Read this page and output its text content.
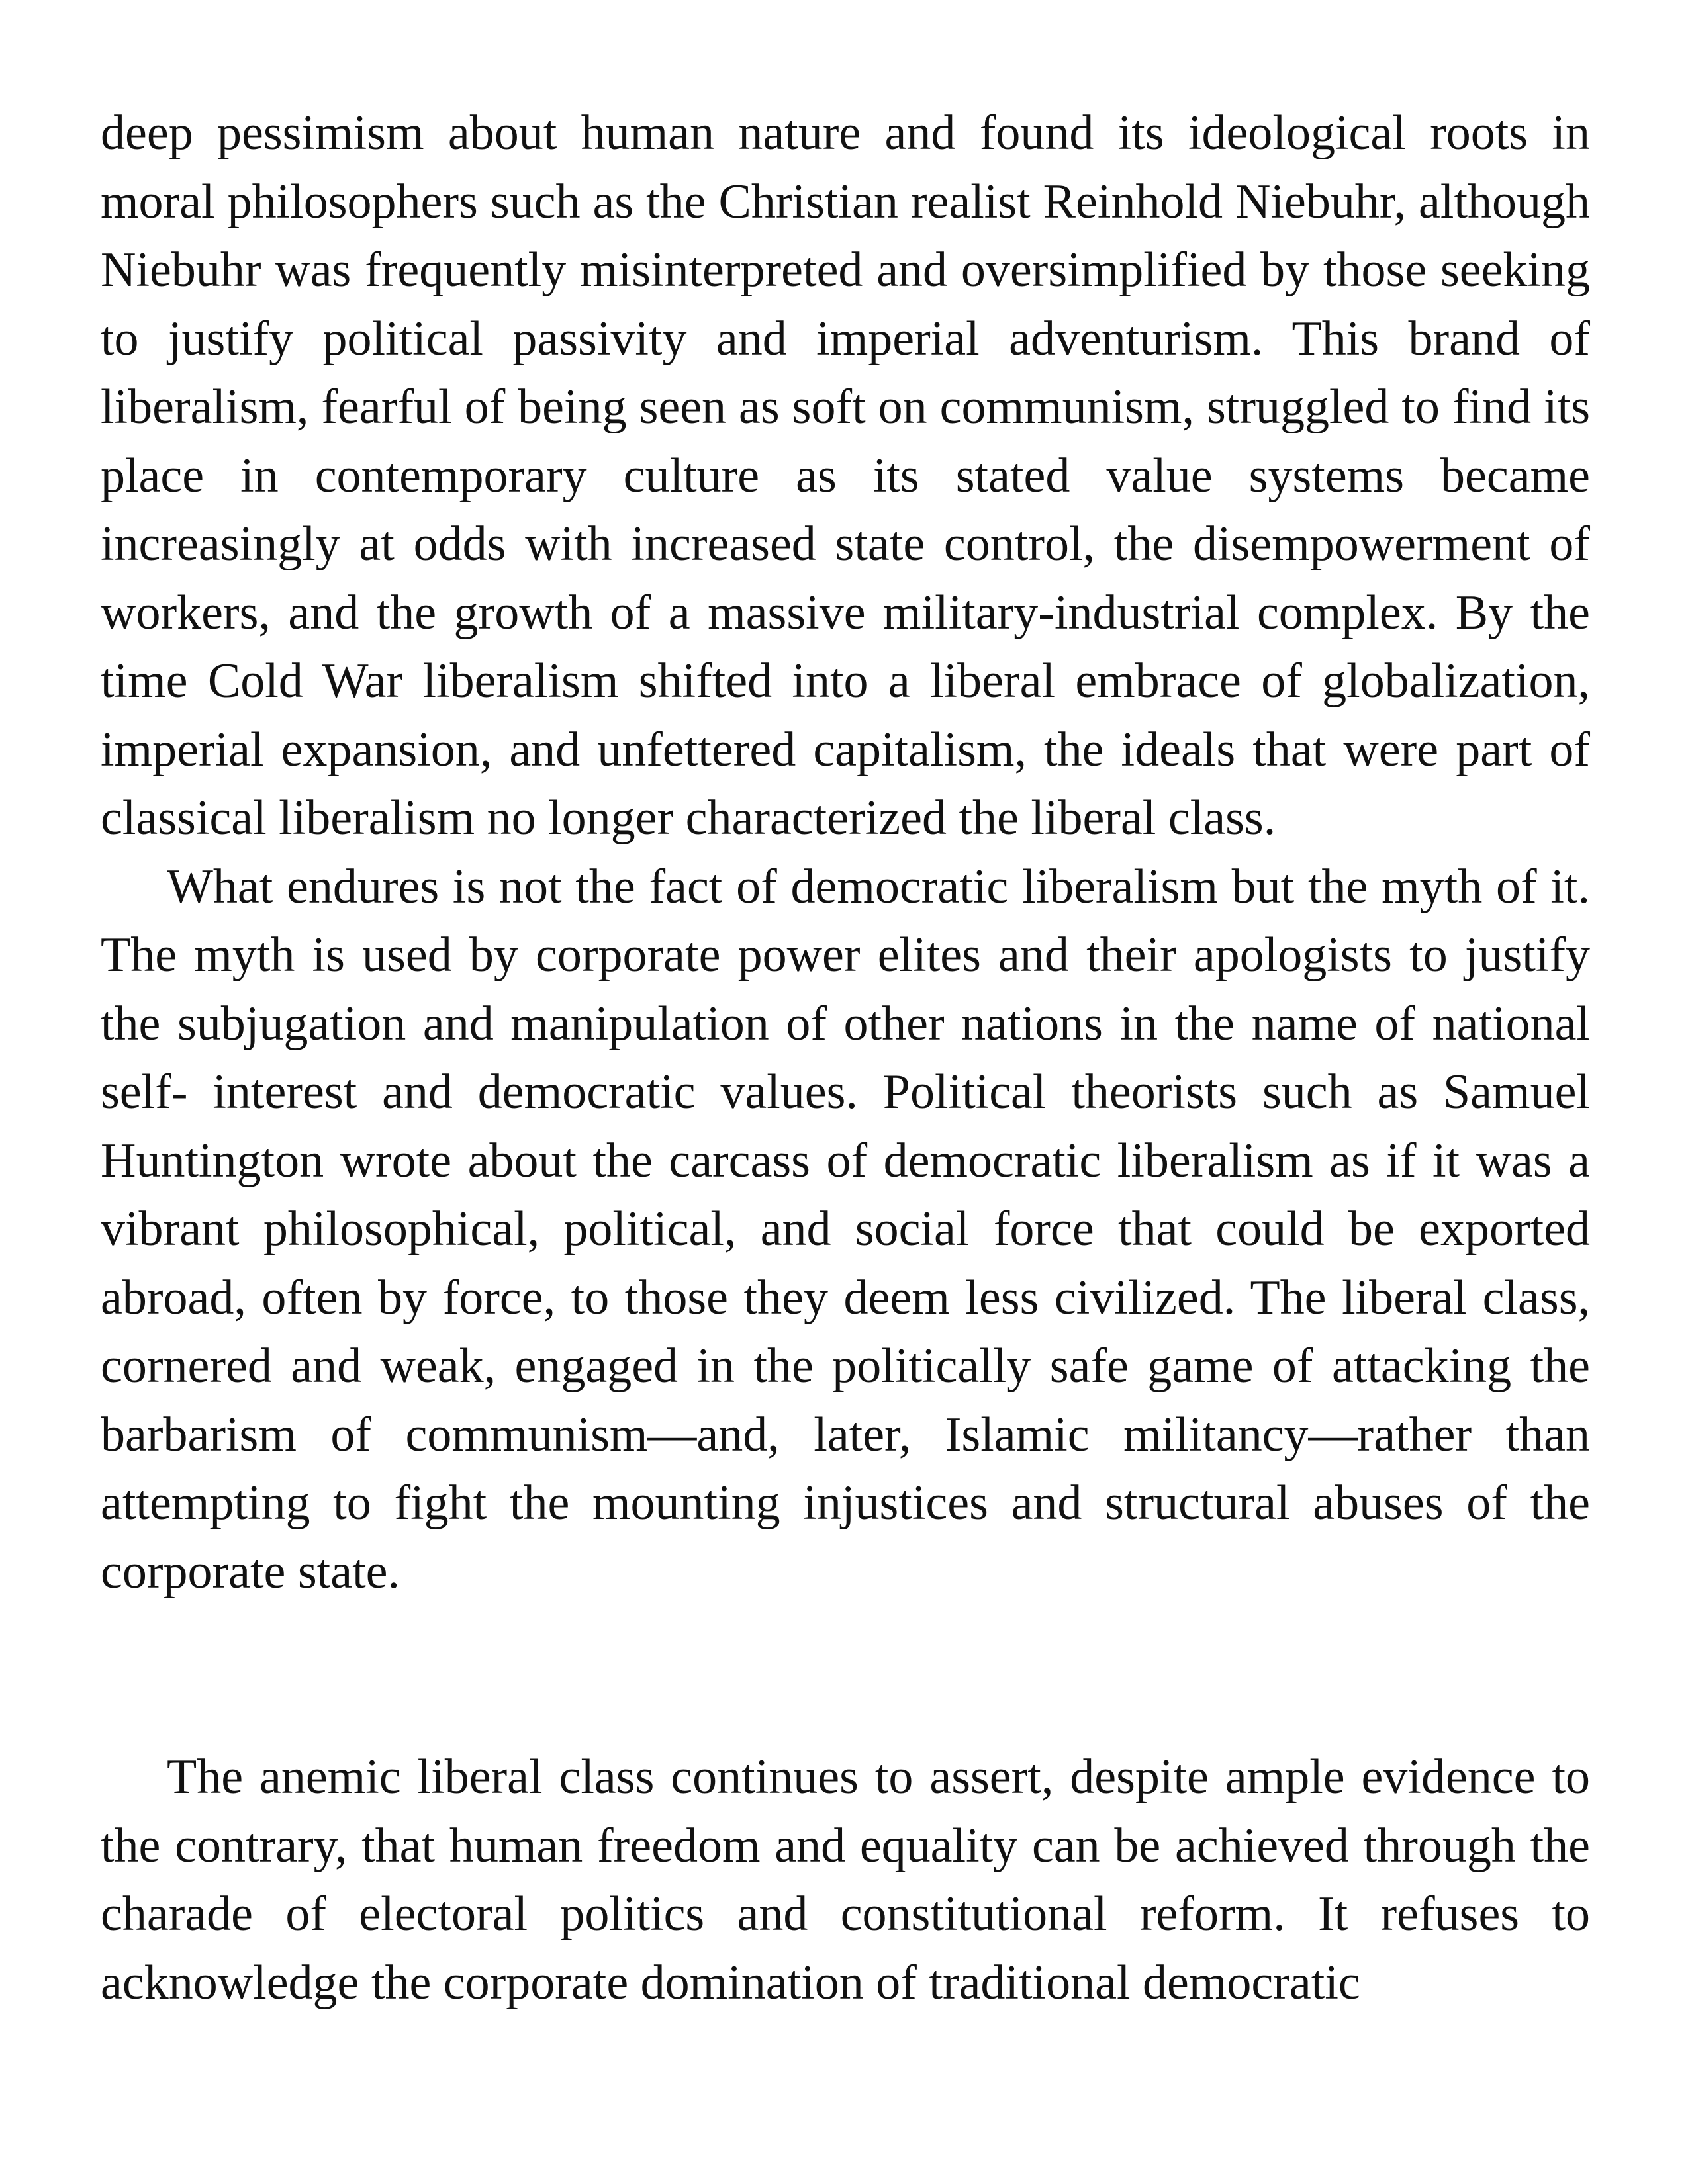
deep pessimism about human nature and found its ideological roots in moral philosophers such as the Christian realist Reinhold Niebuhr, although Niebuhr was frequently misinterpreted and oversimplified by those seeking to justify political passivity and imperial adventurism. This brand of liberalism, fearful of being seen as soft on communism, struggled to find its place in contemporary culture as its stated value systems became increasingly at odds with increased state control, the disempowerment of workers, and the growth of a massive military-industrial complex. By the time Cold War liberalism shifted into a liberal embrace of globalization, imperial expansion, and unfettered capitalism, the ideals that were part of classical liberalism no longer characterized the liberal class.

What endures is not the fact of democratic liberalism but the myth of it. The myth is used by corporate power elites and their apologists to justify the subjugation and manipulation of other nations in the name of national self- interest and democratic values. Political theorists such as Samuel Huntington wrote about the carcass of democratic liberalism as if it was a vibrant philosophical, political, and social force that could be exported abroad, often by force, to those they deem less civilized. The liberal class, cornered and weak, engaged in the politically safe game of attacking the barbarism of communism—and, later, Islamic militancy—rather than attempting to fight the mounting injustices and structural abuses of the corporate state.

The anemic liberal class continues to assert, despite ample evidence to the contrary, that human freedom and equality can be achieved through the charade of electoral politics and constitutional reform. It refuses to acknowledge the corporate domination of traditional democratic
